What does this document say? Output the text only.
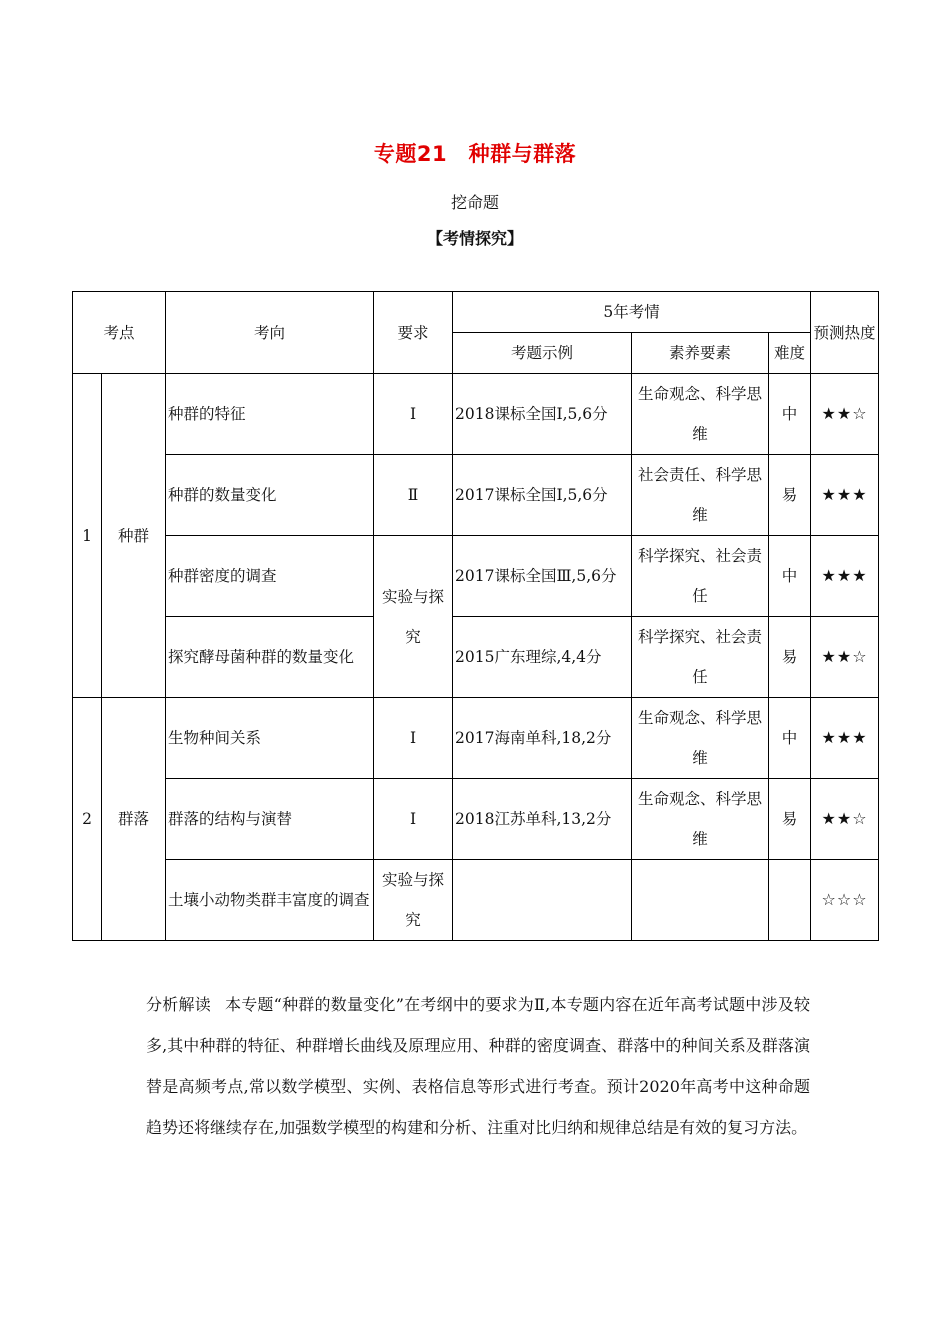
专题21　种群与群落
挖命题
【考情探究】
考点		考向	要求	5年考情			预测热度
				考题示例	素养要素	难度	
1	种群	种群的特征	Ⅰ	2018课标全国Ⅰ,5,6分	生命观念、科学思维	中	★★☆
		种群的数量变化	Ⅱ	2017课标全国Ⅰ,5,6分	社会责任、科学思维	易	★★★
		种群密度的调查	实验与探究	2017课标全国Ⅲ,5,6分	科学探究、社会责任	中	★★★
		探究酵母菌种群的数量变化		2015广东理综,4,4分	科学探究、社会责任	易	★★☆
2	群落	生物种间关系	Ⅰ	2017海南单科,18,2分	生命观念、科学思维	中	★★★
		群落的结构与演替	Ⅰ	2018江苏单科,13,2分	生命观念、科学思维	易	★★☆
		土壤小动物类群丰富度的调查	实验与探究				☆☆☆
分析解读 本专题“种群的数量变化”在考纲中的要求为Ⅱ,本专题内容在近年高考试题中涉及较多,其中种群的特征、种群增长曲线及原理应用、种群的密度调查、群落中的种间关系及群落演替是高频考点,常以数学模型、实例、表格信息等形式进行考查。预计2020年高考中这种命题趋势还将继续存在,加强数学模型的构建和分析、注重对比归纳和规律总结是有效的复习方法。
